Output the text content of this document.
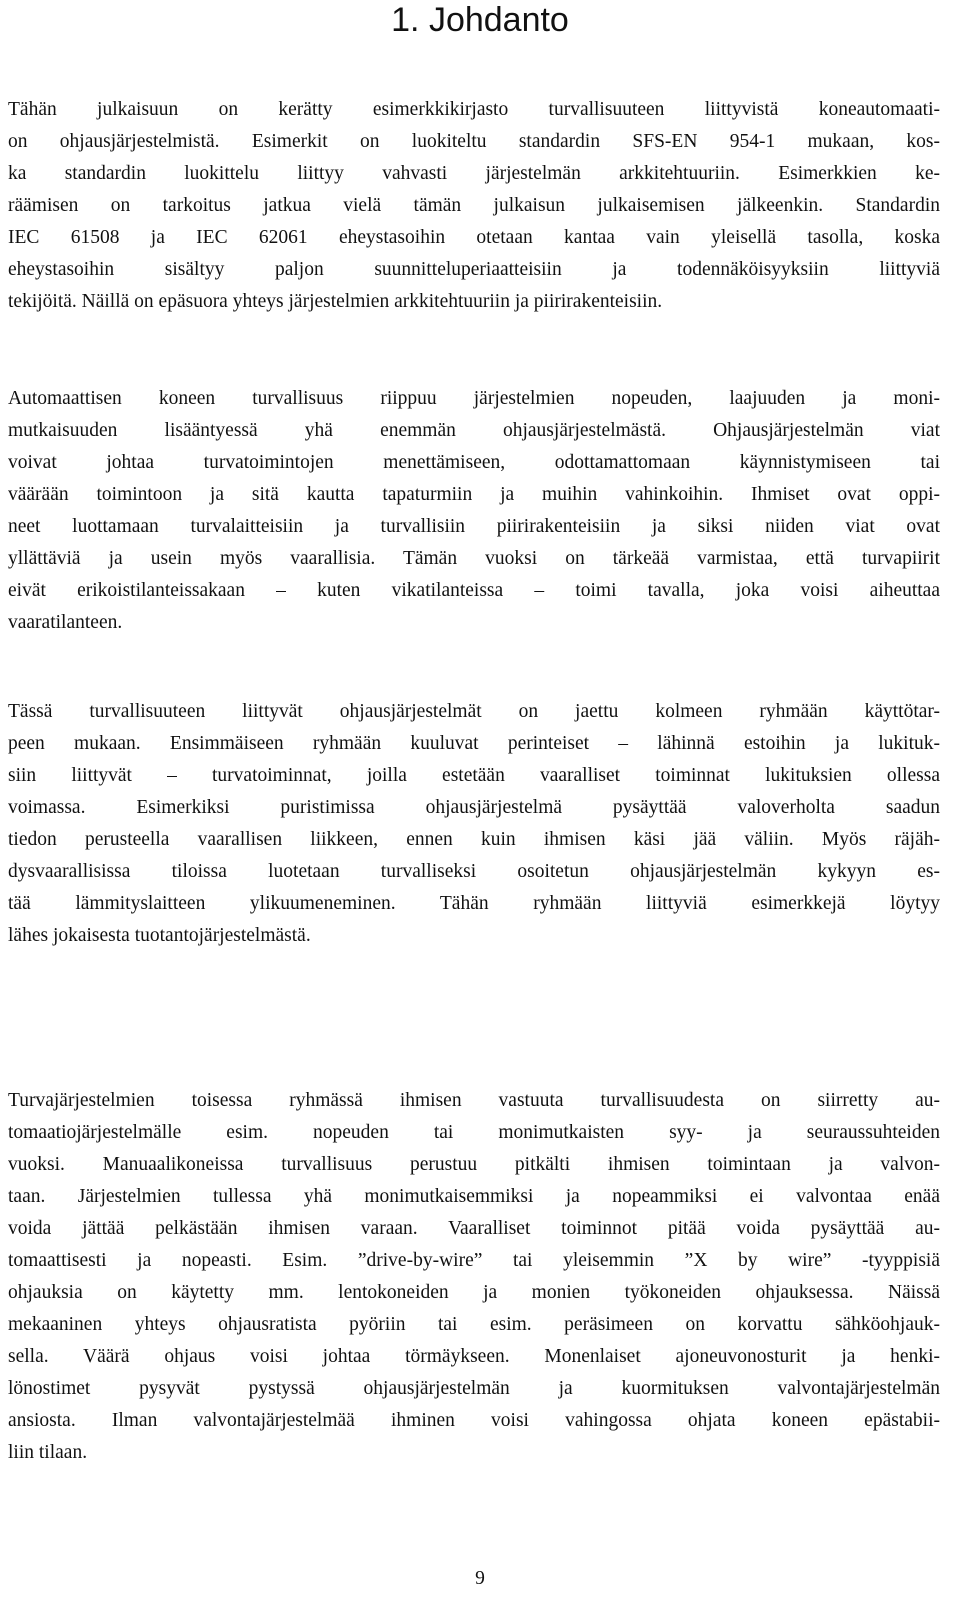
1. Johdanto
Tähän julkaisuun on kerätty esimerkkikirjasto turvallisuuteen liittyvistä koneautomaati-
on ohjausjärjestelmistä. Esimerkit on luokiteltu standardin SFS-EN 954-1 mukaan, kos-
ka standardin luokittelu liittyy vahvasti järjestelmän arkkitehtuuriin. Esimerkkien ke-
räämisen on tarkoitus jatkua vielä tämän julkaisun julkaisemisen jälkeenkin. Standardin
IEC 61508 ja IEC 62061 eheystasoihin otetaan kantaa vain yleisellä tasolla, koska
eheystasoihin sisältyy paljon suunnitteluperiaatteisiin ja todennäköisyyksiin liittyviä
tekijöitä. Näillä on epäsuora yhteys järjestelmien arkkitehtuuriin ja piirirakenteisiin.
Automaattisen koneen turvallisuus riippuu järjestelmien nopeuden, laajuuden ja moni-
mutkaisuuden lisääntyessä yhä enemmän ohjausjärjestelmästä. Ohjausjärjestelmän viat
voivat johtaa turvatoimintojen menettämiseen, odottamattomaan käynnistymiseen tai
väärään toimintoon ja sitä kautta tapaturmiin ja muihin vahinkoihin. Ihmiset ovat oppi-
neet luottamaan turvalaitteisiin ja turvallisiin piirirakenteisiin ja siksi niiden viat ovat
yllättäviä ja usein myös vaarallisia. Tämän vuoksi on tärkeää varmistaa, että turvapiirit
eivät erikoistilanteissakaan – kuten vikatilanteissa – toimi tavalla, joka voisi aiheuttaa
vaaratilanteen.
Tässä turvallisuuteen liittyvät ohjausjärjestelmät on jaettu kolmeen ryhmään käyttötar-
peen mukaan. Ensimmäiseen ryhmään kuuluvat perinteiset – lähinnä estoihin ja lukituk-
siin liittyvät – turvatoiminnat, joilla estetään vaaralliset toiminnat lukituksien ollessa
voimassa. Esimerkiksi puristimissa ohjausjärjestelmä pysäyttää valoverholta saadun
tiedon perusteella vaarallisen liikkeen, ennen kuin ihmisen käsi jää väliin. Myös räjäh-
dysvaarallisissa tiloissa luotetaan turvalliseksi osoitetun ohjausjärjestelmän kykyyn es-
tää lämmityslaitteen ylikuumeneminen. Tähän ryhmään liittyviä esimerkkejä löytyy
lähes jokaisesta tuotantojärjestelmästä.
Turvajärjestelmien toisessa ryhmässä ihmisen vastuuta turvallisuudesta on siirretty au-
tomaatiojärjestelmälle esim. nopeuden tai monimutkaisten syy- ja seuraussuhteiden
vuoksi. Manuaalikoneissa turvallisuus perustuu pitkälti ihmisen toimintaan ja valvon-
taan. Järjestelmien tullessa yhä monimutkaisemmiksi ja nopeammiksi ei valvontaa enää
voida jättää pelkästään ihmisen varaan. Vaaralliset toiminnot pitää voida pysäyttää au-
tomaattisesti ja nopeasti. Esim. ”drive-by-wire” tai yleisemmin ”X by wire” -tyyppisiä
ohjauksia on käytetty mm. lentokoneiden ja monien työkoneiden ohjauksessa. Näissä
mekaaninen yhteys ohjausratista pyöriin tai esim. peräsimeen on korvattu sähköohjauk-
sella. Väärä ohjaus voisi johtaa törmäykseen. Monenlaiset ajoneuvonosturit ja henki-
lönostimet pysyvät pystyssä ohjausjärjestelmän ja kuormituksen valvontajärjestelmän
ansiosta. Ilman valvontajärjestelmää ihminen voisi vahingossa ohjata koneen epästabii-
liin tilaan.
9
